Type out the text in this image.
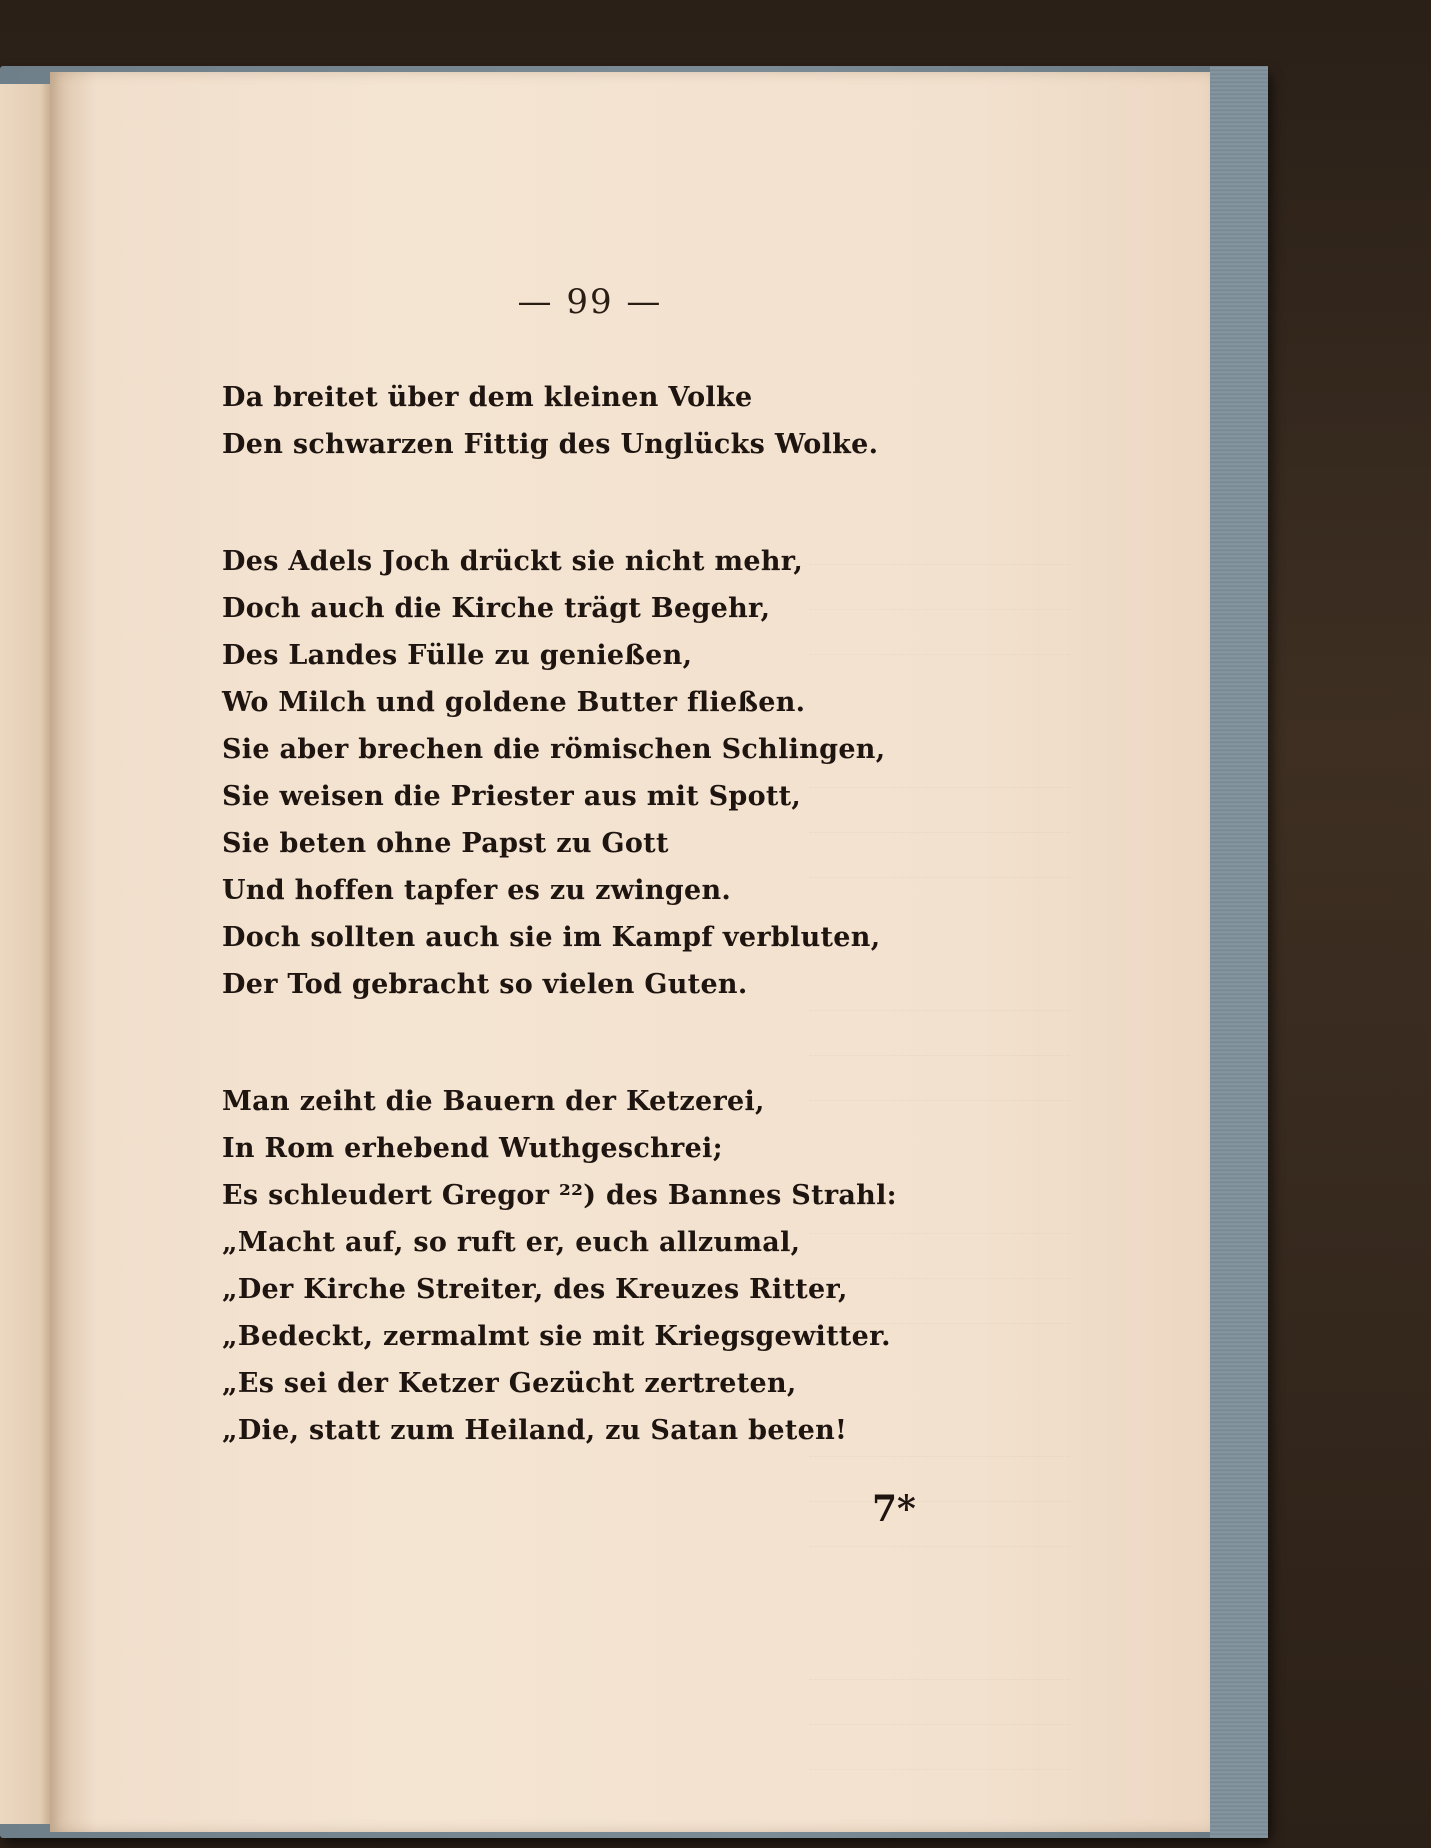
— 99 —
Da breitet über dem kleinen Volke
Den schwarzen Fittig des Unglücks Wolke.
Des Adels Joch drückt sie nicht mehr,
Doch auch die Kirche trägt Begehr,
Des Landes Fülle zu genießen,
Wo Milch und goldene Butter fließen.
Sie aber brechen die römischen Schlingen,
Sie weisen die Priester aus mit Spott,
Sie beten ohne Papst zu Gott
Und hoffen tapfer es zu zwingen.
Doch sollten auch sie im Kampf verbluten,
Der Tod gebracht so vielen Guten.
Man zeiht die Bauern der Ketzerei,
In Rom erhebend Wuthgeschrei;
Es schleudert Gregor ²²) des Bannes Strahl:
„Macht auf, so ruft er, euch allzumal,
„Der Kirche Streiter, des Kreuzes Ritter,
„Bedeckt, zermalmt sie mit Kriegsgewitter.
„Es sei der Ketzer Gezücht zertreten,
„Die, statt zum Heiland, zu Satan beten!
7*
